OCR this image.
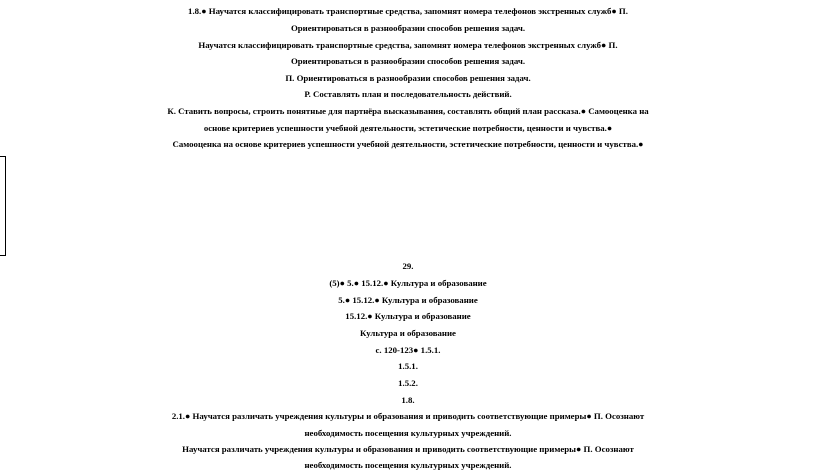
1.8.● Научатся классифицировать транспортные средства, запомнят номера телефонов экстренных служб● П.
Ориентироваться в разнообразии способов решения задач.
Научатся классифицировать транспортные средства, запомнят номера телефонов экстренных служб● П.
Ориентироваться в разнообразии способов решения задач.
П. Ориентироваться в разнообразии способов решения задач.
Р. Составлять план и последовательность действий.
К. Ставить вопросы, строить понятные для партнёра высказывания, составлять общий план рассказа.● Самооценка на
основе критериев успешности учебной деятельности, эстетические потребности, ценности и чувства.●
Самооценка на основе критериев успешности учебной деятельности, эстетические потребности, ценности и чувства.●
29.
(5)● 5.● 15.12.● Культура и образование
5.● 15.12.● Культура и образование
15.12.● Культура и образование
Культура и образование
с. 120-123● 1.5.1.
1.5.1.
1.5.2.
1.8.
2.1.● Научатся различать учреждения культуры и образования и приводить соответствующие примеры● П. Осознают
необходимость посещения культурных учреждений.
Научатся различать учреждения культуры и образования и приводить соответствующие примеры● П. Осознают
необходимость посещения культурных учреждений.
